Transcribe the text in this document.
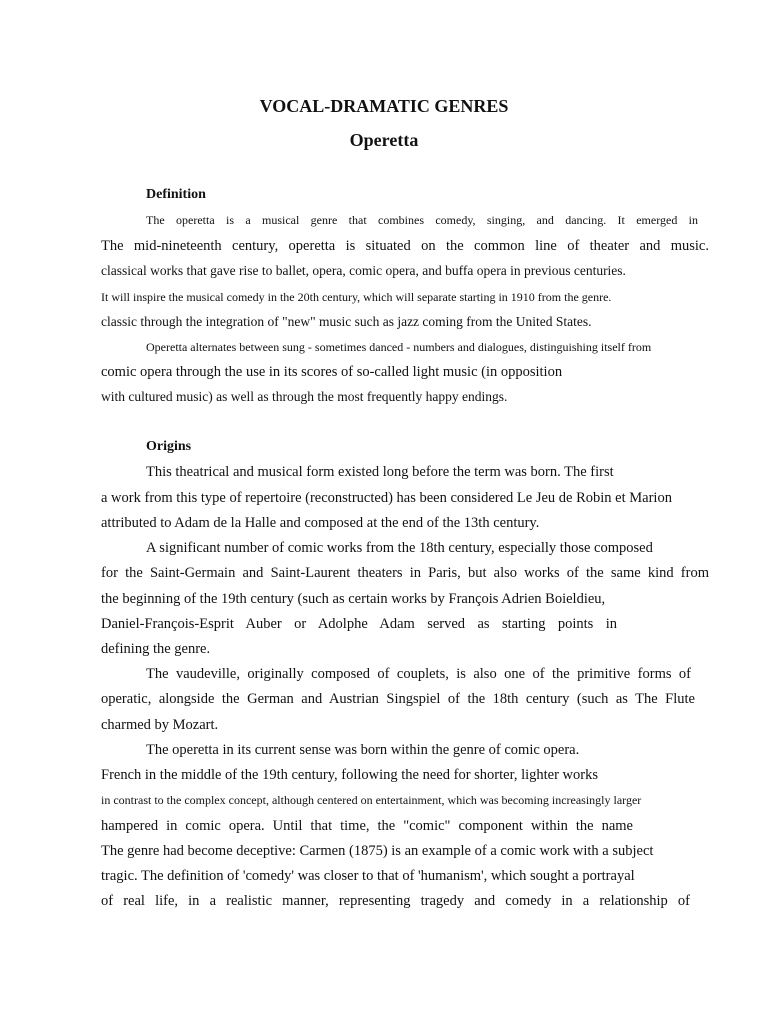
VOCAL-DRAMATIC GENRES
Operetta
Definition
The operetta is a musical genre that combines comedy, singing, and dancing. It emerged in
The mid-nineteenth century, operetta is situated on the common line of theater and music.
classical works that gave rise to ballet, opera, comic opera, and buffa opera in previous centuries.
It will inspire the musical comedy in the 20th century, which will separate starting in 1910 from the genre.
classic through the integration of "new" music such as jazz coming from the United States.
Operetta alternates between sung - sometimes danced - numbers and dialogues, distinguishing itself from
comic opera through the use in its scores of so-called light music (in opposition
with cultured music) as well as through the most frequently happy endings.
Origins
This theatrical and musical form existed long before the term was born. The first
a work from this type of repertoire (reconstructed) has been considered Le Jeu de Robin et Marion
attributed to Adam de la Halle and composed at the end of the 13th century.
A significant number of comic works from the 18th century, especially those composed
for the Saint-Germain and Saint-Laurent theaters in Paris, but also works of the same kind from
the beginning of the 19th century (such as certain works by François Adrien Boieldieu,
Daniel-François-Esprit Auber or Adolphe Adam served as starting points in
defining the genre.
The vaudeville, originally composed of couplets, is also one of the primitive forms of
operatic, alongside the German and Austrian Singspiel of the 18th century (such as The Flute
charmed by Mozart.
The operetta in its current sense was born within the genre of comic opera.
French in the middle of the 19th century, following the need for shorter, lighter works
in contrast to the complex concept, although centered on entertainment, which was becoming increasingly larger
hampered in comic opera. Until that time, the "comic" component within the name
The genre had become deceptive: Carmen (1875) is an example of a comic work with a subject
tragic. The definition of 'comedy' was closer to that of 'humanism', which sought a portrayal
of real life, in a realistic manner, representing tragedy and comedy in a relationship of
